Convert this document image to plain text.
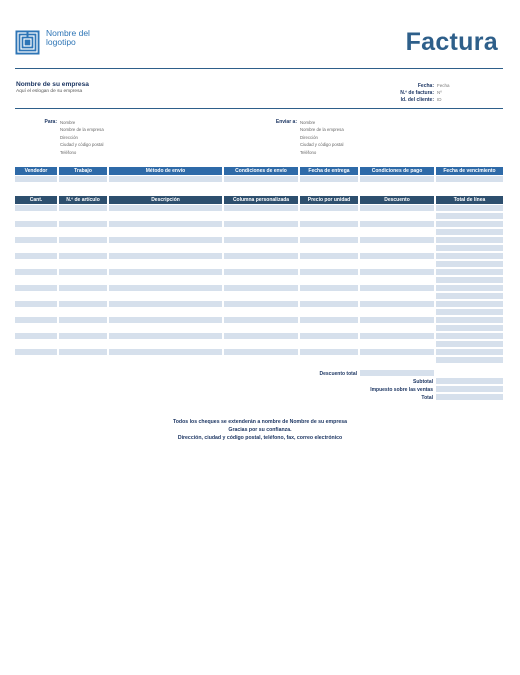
Nombre del logotipo	Factura
Nombre de su empresa
Aquí el eslogan de su empresa
Fecha: Fecha
N.º de factura: Nº
Id. del cliente: ID
Para: Nombre
Nombre de la empresa
Dirección
Ciudad y código postal
Teléfono
Enviar a: Nombre
Nombre de la empresa
Dirección
Ciudad y código postal
Teléfono
Descuento total
Subtotal
Impuesto sobre las ventas
Total
Todos los cheques se extenderán a nombre de Nombre de su empresa
Gracias por su confianza.
Dirección, ciudad y código postal, teléfono, fax, correo electrónico
Vendedor	Trabajo	Método de envío	Condiciones de envío	Fecha de entrega	Condiciones de pago	Fecha de vencimiento
Cant.	N.º de artículo	Descripción	Columna personalizada	Precio por unidad	Descuento	Total de línea
